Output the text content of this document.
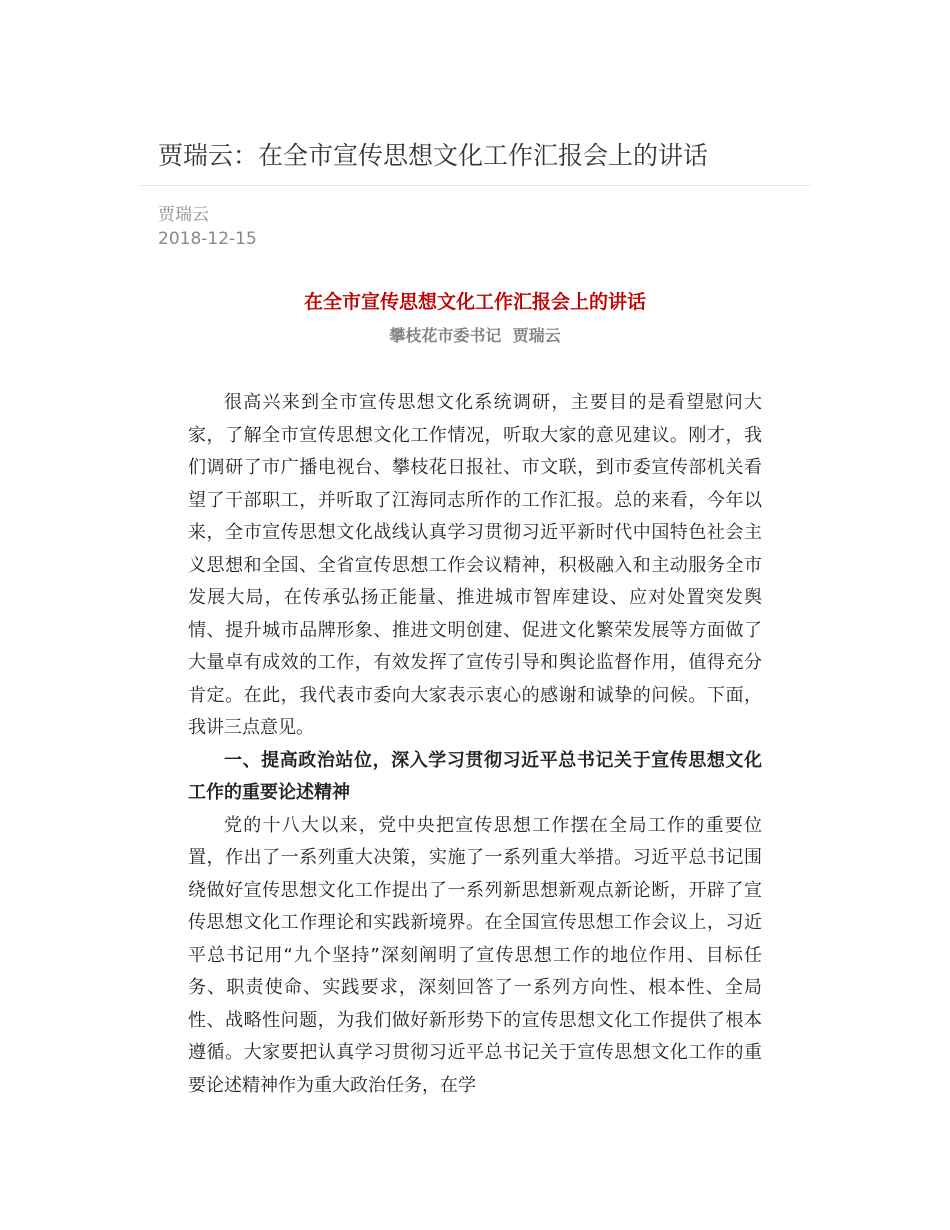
贾瑞云：在全市宣传思想文化工作汇报会上的讲话
贾瑞云
2018-12-15
在全市宣传思想文化工作汇报会上的讲话
攀枝花市委书记  贾瑞云

很高兴来到全市宣传思想文化系统调研，主要目的是看望慰问大家，了解全市宣传思想文化工作情况，听取大家的意见建议。刚才，我们调研了市广播电视台、攀枝花日报社、市文联，到市委宣传部机关看望了干部职工，并听取了江海同志所作的工作汇报。总的来看，今年以来，全市宣传思想文化战线认真学习贯彻习近平新时代中国特色社会主义思想和全国、全省宣传思想工作会议精神，积极融入和主动服务全市发展大局，在传承弘扬正能量、推进城市智库建设、应对处置突发舆情、提升城市品牌形象、推进文明创建、促进文化繁荣发展等方面做了大量卓有成效的工作，有效发挥了宣传引导和舆论监督作用，值得充分肯定。在此，我代表市委向大家表示衷心的感谢和诚挚的问候。下面，我讲三点意见。

一、提高政治站位，深入学习贯彻习近平总书记关于宣传思想文化工作的重要论述精神

党的十八大以来，党中央把宣传思想工作摆在全局工作的重要位置，作出了一系列重大决策，实施了一系列重大举措。习近平总书记围绕做好宣传思想文化工作提出了一系列新思想新观点新论断，开辟了宣传思想文化工作理论和实践新境界。在全国宣传思想工作会议上，习近平总书记用“九个坚持”深刻阐明了宣传思想工作的地位作用、目标任务、职责使命、实践要求，深刻回答了一系列方向性、根本性、全局性、战略性问题，为我们做好新形势下的宣传思想文化工作提供了根本遵循。大家要把认真学习贯彻习近平总书记关于宣传思想文化工作的重要论述精神作为重大政治任务，在学
